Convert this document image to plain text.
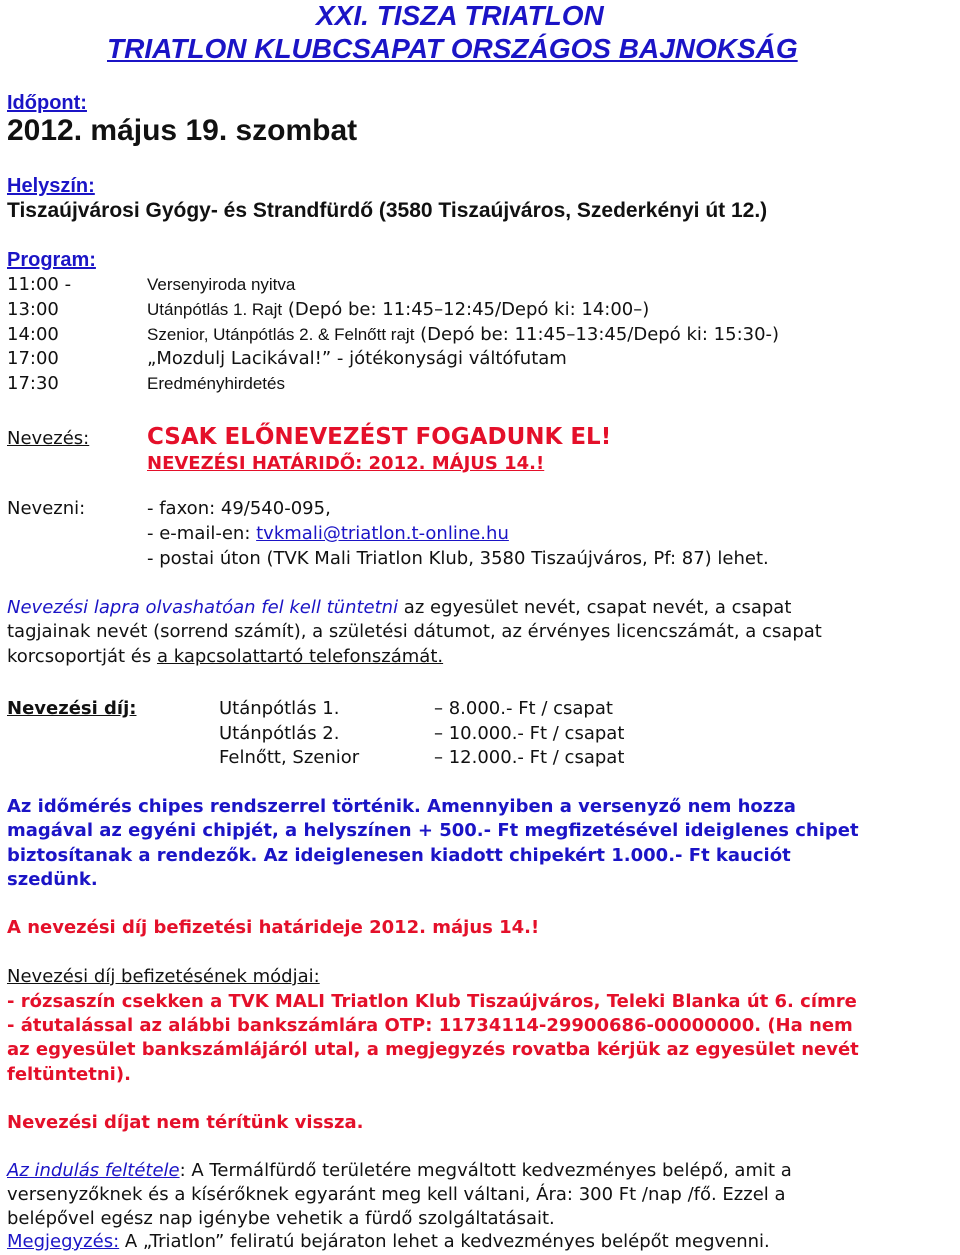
XXI. TISZA TRIATLON
TRIATLON KLUBCSAPAT ORSZÁGOS BAJNOKSÁG
Időpont:
2012. május 19. szombat
Helyszín:
Tiszaújvárosi Gyógy- és Strandfürdő (3580 Tiszaújváros, Szederkényi út 12.)
Program:
11:00 -	Versenyiroda nyitva
13:00	Utánpótlás 1. Rajt (Depó be: 11:45–12:45/Depó ki: 14:00–)
14:00	Szenior, Utánpótlás 2. & Felnőtt rajt (Depó be: 11:45–13:45/Depó ki: 15:30-)
17:00	„Mozdulj Lacikával!” - jótékonysági váltófutam
17:30	Eredményhirdetés
Nevezés:	CSAK ELŐNEVEZÉST FOGADUNK EL!
NEVEZÉSI HATÁRIDŐ: 2012. MÁJUS 14.!
Nevezni:	- faxon: 49/540-095,
- e-mail-en: tvkmali@triatlon.t-online.hu
- postai úton (TVK Mali Triatlon Klub, 3580 Tiszaújváros, Pf: 87) lehet.
Nevezési lapra olvashatóan fel kell tüntetni az egyesület nevét, csapat nevét, a csapat
tagjainak nevét (sorrend számít), a születési dátumot, az érvényes licencszámát, a csapat
korcsoportját és a kapcsolattartó telefonszámát.
Nevezési díj:	Utánpótlás 1.	– 8.000.- Ft / csapat
Utánpótlás 2.	– 10.000.- Ft / csapat
Felnőtt, Szenior	– 12.000.- Ft / csapat
Az időmérés chipes rendszerrel történik. Amennyiben a versenyző nem hozza
magával az egyéni chipjét, a helyszínen + 500.- Ft megfizetésével ideiglenes chipet
biztosítanak a rendezők. Az ideiglenesen kiadott chipekért 1.000.- Ft kauciót
szedünk.
A nevezési díj befizetési határideje 2012. május 14.!
Nevezési díj befizetésének módjai:
- rózsaszín csekken a TVK MALI Triatlon Klub Tiszaújváros, Teleki Blanka út 6. címre
- átutalással az alábbi bankszámlára OTP: 11734114-29900686-00000000. (Ha nem
az egyesület bankszámlájáról utal, a megjegyzés rovatba kérjük az egyesület nevét
feltüntetni).
Nevezési díjat nem térítünk vissza.
Az indulás feltétele: A Termálfürdő területére megváltott kedvezményes belépő, amit a
versenyzőknek és a kísérőknek egyaránt meg kell váltani, Ára: 300 Ft /nap /fő. Ezzel a
belépővel egész nap igénybe vehetik a fürdő szolgáltatásait.
Megjegyzés: A „Triatlon” feliratú bejáraton lehet a kedvezményes belépőt megvenni.
